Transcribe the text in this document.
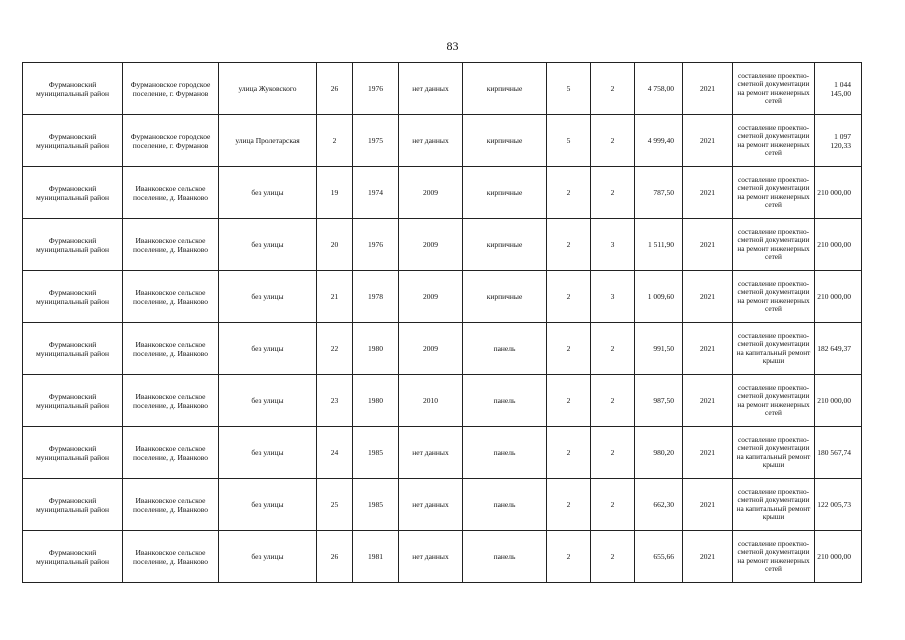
83
Фурмановский муниципальный район	Фурмановское городское поселение, г. Фурманов	улица Жуковского	26	1976	нет данных	кирпичные	5	2	4 758,00	2021	составление проектно-сметной документации на ремонт инженерных сетей	1 044 145,00
Фурмановский муниципальный район	Фурмановское городское поселение, г. Фурманов	улица Пролетарская	2	1975	нет данных	кирпичные	5	2	4 999,40	2021	составление проектно-сметной документации на ремонт инженерных сетей	1 097 120,33
Фурмановский муниципальный район	Иванковское сельское поселение, д. Иванково	без улицы	19	1974	2009	кирпичные	2	2	787,50	2021	составление проектно-сметной документации на ремонт инженерных сетей	210 000,00
Фурмановский муниципальный район	Иванковское сельское поселение, д. Иванково	без улицы	20	1976	2009	кирпичные	2	3	1 511,90	2021	составление проектно-сметной документации на ремонт инженерных сетей	210 000,00
Фурмановский муниципальный район	Иванковское сельское поселение, д. Иванково	без улицы	21	1978	2009	кирпичные	2	3	1 009,60	2021	составление проектно-сметной документации на ремонт инженерных сетей	210 000,00
Фурмановский муниципальный район	Иванковское сельское поселение, д. Иванково	без улицы	22	1980	2009	панель	2	2	991,50	2021	составление проектно-сметной документации на капитальный ремонт крыши	182 649,37
Фурмановский муниципальный район	Иванковское сельское поселение, д. Иванково	без улицы	23	1980	2010	панель	2	2	987,50	2021	составление проектно-сметной документации на ремонт инженерных сетей	210 000,00
Фурмановский муниципальный район	Иванковское сельское поселение, д. Иванково	без улицы	24	1985	нет данных	панель	2	2	980,20	2021	составление проектно-сметной документации на капитальный ремонт крыши	180 567,74
Фурмановский муниципальный район	Иванковское сельское поселение, д. Иванково	без улицы	25	1985	нет данных	панель	2	2	662,30	2021	составление проектно-сметной документации на капитальный ремонт крыши	122 005,73
Фурмановский муниципальный район	Иванковское сельское поселение, д. Иванково	без улицы	26	1981	нет данных	панель	2	2	655,66	2021	составление проектно-сметной документации на ремонт инженерных сетей	210 000,00
